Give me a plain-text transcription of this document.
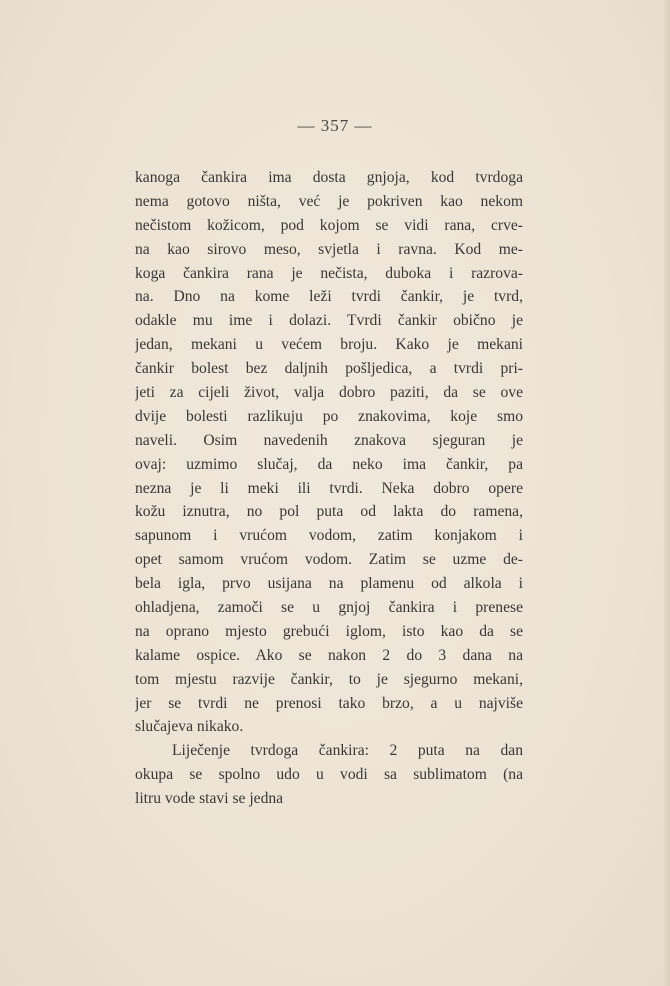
— 357 —
kanoga čankira ima dosta gnjoja, kod tvrdoga
nema gotovo ništa, već je pokriven kao nekom
nečistom kožicom, pod kojom se vidi rana, crve-
na kao sirovo meso, svjetla i ravna. Kod me-
koga čankira rana je nečista, duboka i razrova-
na. Dno na kome leži tvrdi čankir, je tvrd,
odakle mu ime i dolazi. Tvrdi čankir obično je
jedan, mekani u većem broju. Kako je mekani
čankir bolest bez daljnih pošljedica, a tvrdi pri-
jeti za cijeli život, valja dobro paziti, da se ove
dvije bolesti razlikuju po znakovima, koje smo
naveli. Osim navedenih znakova sjeguran je
ovaj: uzmimo slučaj, da neko ima čankir, pa
nezna je li meki ili tvrdi. Neka dobro opere
kožu iznutra, no pol puta od lakta do ramena,
sapunom i vrućom vodom, zatim konjakom i
opet samom vrućom vodom. Zatim se uzme de-
bela igla, prvo usijana na plamenu od alkola i
ohladjena, zamoči se u gnjoj čankira i prenese
na oprano mjesto grebući iglom, isto kao da se
kalame ospice. Ako se nakon 2 do 3 dana na
tom mjestu razvije čankir, to je sjegurno mekani,
jer se tvrdi ne prenosi tako brzo, a u najviše
slučajeva nikako.
Liječenje tvrdoga čankira: 2 puta na dan
okupa se spolno udo u vodi sa sublimatom (na
litru vode stavi se jedna
